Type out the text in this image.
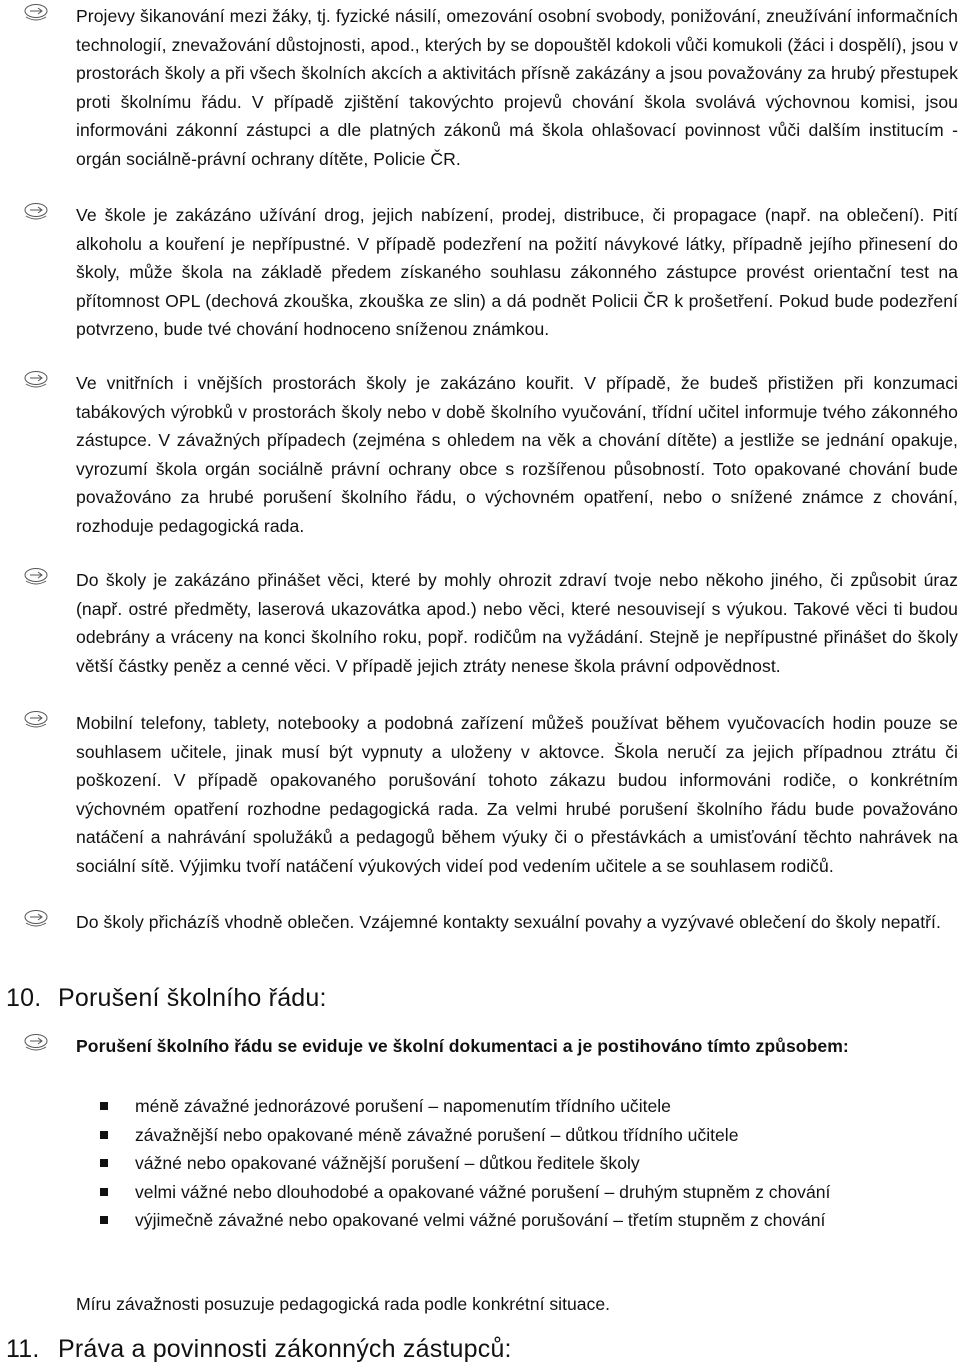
Projevy šikanování mezi žáky, tj. fyzické násilí, omezování osobní svobody, ponižování, zneužívání informačních technologií, znevažování důstojnosti, apod., kterých by se dopouštěl kdokoli vůči komukoli (žáci i dospělí), jsou v prostorách školy a při všech školních akcích a aktivitách přísně zakázány a jsou považovány za hrubý přestupek proti školnímu řádu. V případě zjištění takovýchto projevů chování škola svolává výchovnou komisi, jsou informováni zákonní zástupci a dle platných zákonů má škola ohlašovací povinnost vůči dalším institucím - orgán sociálně-právní ochrany dítěte, Policie ČR.

Ve škole je zakázáno užívání drog, jejich nabízení, prodej, distribuce, či propagace (např. na oblečení). Pití alkoholu a kouření je nepřípustné. V případě podezření na požití návykové látky, případně jejího přinesení do školy, může škola na základě předem získaného souhlasu zákonného zástupce provést orientační test na přítomnost OPL (dechová zkouška, zkouška ze slin) a dá podnět Policii ČR k prošetření. Pokud bude podezření potvrzeno, bude tvé chování hodnoceno sníženou známkou.

Ve vnitřních i vnějších prostorách školy je zakázáno kouřit. V případě, že budeš přistižen při konzumaci tabákových výrobků v prostorách školy nebo v době školního vyučování, třídní učitel informuje tvého zákonného zástupce. V závažných případech (zejména s ohledem na věk a chování dítěte) a jestliže se jednání opakuje, vyrozumí škola orgán sociálně právní ochrany obce s rozšířenou působností. Toto opakované chování bude považováno za hrubé porušení školního řádu, o výchovném opatření, nebo o snížené známce z chování, rozhoduje pedagogická rada.

Do školy je zakázáno přinášet věci, které by mohly ohrozit zdraví tvoje nebo někoho jiného, či způsobit úraz (např. ostré předměty, laserová ukazovátka apod.) nebo věci, které nesouvisejí s výukou. Takové věci ti budou odebrány a vráceny na konci školního roku, popř. rodičům na vyžádání. Stejně je nepřípustné přinášet do školy větší částky peněz a cenné věci. V případě jejich ztráty nenese škola právní odpovědnost.

Mobilní telefony, tablety, notebooky a podobná zařízení můžeš používat během vyučovacích hodin pouze se souhlasem učitele, jinak musí být vypnuty a uloženy v aktovce. Škola neručí za jejich případnou ztrátu či poškození. V případě opakovaného porušování tohoto zákazu budou informováni rodiče, o konkrétním výchovném opatření rozhodne pedagogická rada. Za velmi hrubé porušení školního řádu bude považováno natáčení a nahrávání spolužáků a pedagogů během výuky či o přestávkách a umisťování těchto nahrávek na sociální sítě. Výjimku tvoří natáčení výukových videí pod vedením učitele a se souhlasem rodičů.

Do školy přicházíš vhodně oblečen. Vzájemné kontakty sexuální povahy a vyzývavé oblečení do školy nepatří.

10. Porušení školního řádu:

Porušení školního řádu se eviduje ve školní dokumentaci a je postihováno tímto způsobem:

méně závažné jednorázové porušení – napomenutím třídního učitele
závažnější nebo opakované méně závažné porušení – důtkou třídního učitele
vážné nebo opakované vážnější porušení – důtkou ředitele školy
velmi vážné nebo dlouhodobé a opakované vážné porušení – druhým stupněm z chování
výjimečně závažné nebo opakované velmi vážné porušování – třetím stupněm z chování

Míru závažnosti posuzuje pedagogická rada podle konkrétní situace.

11. Práva a povinnosti zákonných zástupců:
